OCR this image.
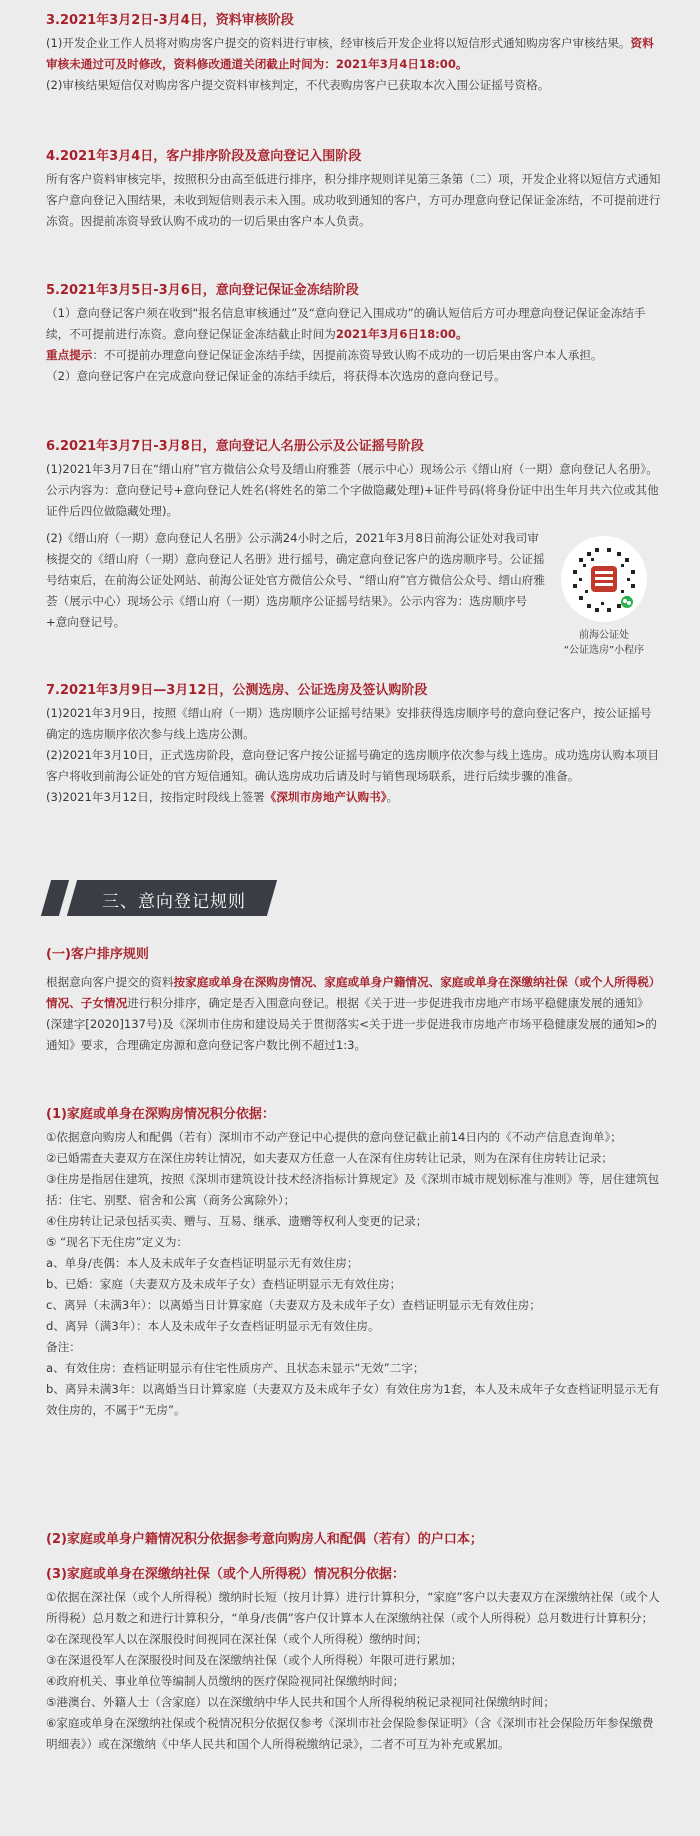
3.2021年3月2日-3月4日，资料审核阶段

(1)开发企业工作人员将对购房客户提交的资料进行审核，经审核后开发企业将以短信形式通知购房客户审核结果。资料审核未通过可及时修改，资料修改通道关闭截止时间为：2021年3月4日18:00。

(2)审核结果短信仅对购房客户提交资料审核判定，不代表购房客户已获取本次入围公证摇号资格。

4.2021年3月4日，客户排序阶段及意向登记入围阶段

所有客户资料审核完毕，按照积分由高至低进行排序，积分排序规则详见第三条第（二）项，开发企业将以短信方式通知客户意向登记入围结果，未收到短信则表示未入围。成功收到通知的客户，方可办理意向登记保证金冻结，不可提前进行冻资。因提前冻资导致认购不成功的一切后果由客户本人负责。

5.2021年3月5日-3月6日，意向登记保证金冻结阶段

（1）意向登记客户须在收到“报名信息审核通过”及“意向登记入围成功”的确认短信后方可办理意向登记保证金冻结手续，不可提前进行冻资。意向登记保证金冻结截止时间为2021年3月6日18:00。

重点提示：不可提前办理意向登记保证金冻结手续，因提前冻资导致认购不成功的一切后果由客户本人承担。

（2）意向登记客户在完成意向登记保证金的冻结手续后，将获得本次选房的意向登记号。

6.2021年3月7日-3月8日，意向登记人名册公示及公证摇号阶段

(1)2021年3月7日在“缙山府”官方微信公众号及缙山府雅荟（展示中心）现场公示《缙山府（一期）意向登记人名册》。公示内容为：意向登记号+意向登记人姓名(将姓名的第二个字做隐藏处理)+证件号码(将身份证中出生年月共六位或其他证件后四位做隐藏处理)。

(2)《缙山府（一期）意向登记人名册》公示满24小时之后，2021年3月8日前海公证处对我司审核提交的《缙山府（一期）意向登记人名册》进行摇号，确定意向登记客户的选房顺序号。公证摇号结束后，在前海公证处网站、前海公证处官方微信公众号、“缙山府”官方微信公众号、缙山府雅荟（展示中心）现场公示《缙山府（一期）选房顺序公证摇号结果》。公示内容为：选房顺序号+意向登记号。

前海公证处
“公证选房”小程序
7.2021年3月9日—3月12日，公测选房、公证选房及签认购阶段

(1)2021年3月9日，按照《缙山府（一期）选房顺序公证摇号结果》安排获得选房顺序号的意向登记客户，按公证摇号确定的选房顺序依次参与线上选房公测。

(2)2021年3月10日，正式选房阶段，意向登记客户按公证摇号确定的选房顺序依次参与线上选房。成功选房认购本项目客户将收到前海公证处的官方短信通知。确认选房成功后请及时与销售现场联系，进行后续步骤的准备。

(3)2021年3月12日，按指定时段线上签署《深圳市房地产认购书》。

三、意向登记规则
(一)客户排序规则

根据意向客户提交的资料按家庭或单身在深购房情况、家庭或单身户籍情况、家庭或单身在深缴纳社保（或个人所得税）情况、子女情况进行积分排序，确定是否入围意向登记。根据《关于进一步促进我市房地产市场平稳健康发展的通知》(深建字[2020]137号)及《深圳市住房和建设局关于贯彻落实<关于进一步促进我市房地产市场平稳健康发展的通知>的通知》要求，合理确定房源和意向登记客户数比例不超过1:3。

(1)家庭或单身在深购房情况积分依据：

①依据意向购房人和配偶（若有）深圳市不动产登记中心提供的意向登记截止前14日内的《不动产信息查询单》；

②已婚需查夫妻双方在深住房转让情况，如夫妻双方任意一人在深有住房转让记录，则为在深有住房转让记录；

③住房是指居住建筑，按照《深圳市建筑设计技术经济指标计算规定》及《深圳市城市规划标准与准则》等，居住建筑包括：住宅、别墅、宿舍和公寓（商务公寓除外）；

④住房转让记录包括买卖、赠与、互易、继承、遗赠等权利人变更的记录；

⑤ “现名下无住房”定义为：

a、单身/丧偶：本人及未成年子女查档证明显示无有效住房；

b、已婚：家庭（夫妻双方及未成年子女）查档证明显示无有效住房；

c、离异（未满3年）：以离婚当日计算家庭（夫妻双方及未成年子女）查档证明显示无有效住房；

d、离异（满3年）：本人及未成年子女查档证明显示无有效住房。

备注：

a、有效住房：查档证明显示有住宅性质房产、且状态未显示“无效”二字；

b、离异未满3年：以离婚当日计算家庭（夫妻双方及未成年子女）有效住房为1套，本人及未成年子女查档证明显示无有效住房的，不属于“无房”。

(2)家庭或单身户籍情况积分依据参考意向购房人和配偶（若有）的户口本；
(3)家庭或单身在深缴纳社保（或个人所得税）情况积分依据：

①依据在深社保（或个人所得税）缴纳时长短（按月计算）进行计算积分，“家庭”客户以夫妻双方在深缴纳社保（或个人所得税）总月数之和进行计算积分，“单身/丧偶”客户仅计算本人在深缴纳社保（或个人所得税）总月数进行计算积分；

②在深现役军人以在深服役时间视同在深社保（或个人所得税）缴纳时间；

③在深退役军人在深服役时间及在深缴纳社保（或个人所得税）年限可进行累加；

④政府机关、事业单位等编制人员缴纳的医疗保险视同社保缴纳时间；

⑤港澳台、外籍人士（含家庭）以在深缴纳中华人民共和国个人所得税纳税记录视同社保缴纳时间；

⑥家庭或单身在深缴纳社保或个税情况积分依据仅参考《深圳市社会保险参保证明》（含《深圳市社会保险历年参保缴费明细表》）或在深缴纳《中华人民共和国个人所得税缴纳记录》，二者不可互为补充或累加。
